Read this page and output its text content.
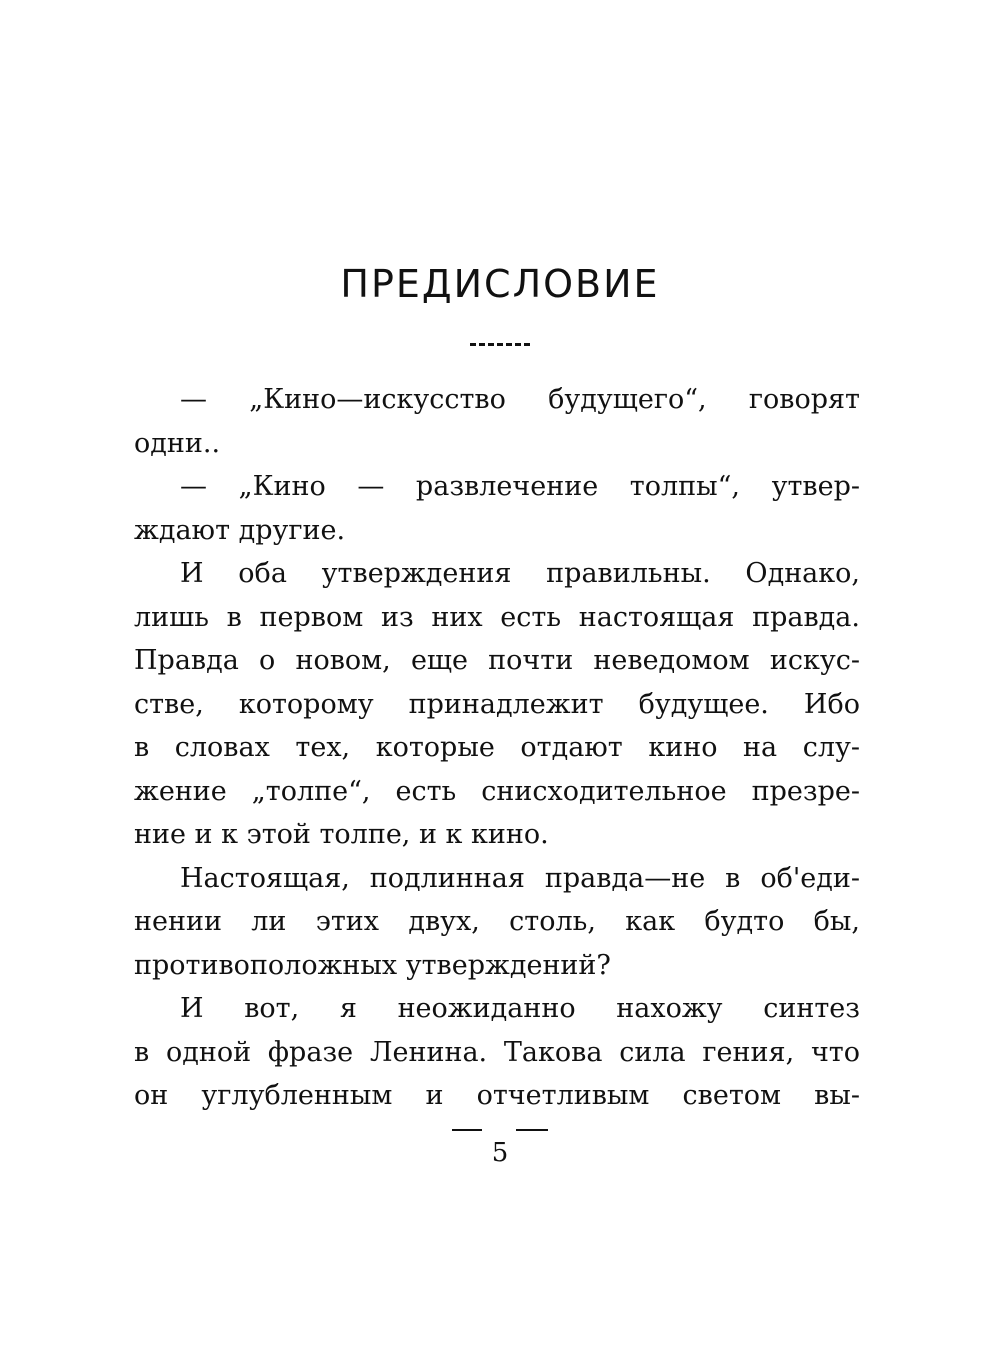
ПРЕДИСЛОВИЕ
— „Кино—искусство будущего“, говорят
одни..
— „Кино — развлечение толпы“, утвер-
ждают другие.
И оба утверждения правильны. Однако,
лишь в первом из них есть настоящая правда.
Правда о новом, еще почти неведомом искус-
стве, которому принадлежит будущее. Ибо
в словах тех, которые отдают кино на слу-
жение „толпе“, есть снисходительное презре-
ние и к этой толпе, и к кино.
Настоящая, подлинная правда—не в об'еди-
нении ли этих двух, столь, как будто бы,
противоположных утверждений?
И вот, я неожиданно нахожу синтез
в одной фразе Ленина. Такова сила гения, что
он углубленным и отчетливым светом вы-
5
